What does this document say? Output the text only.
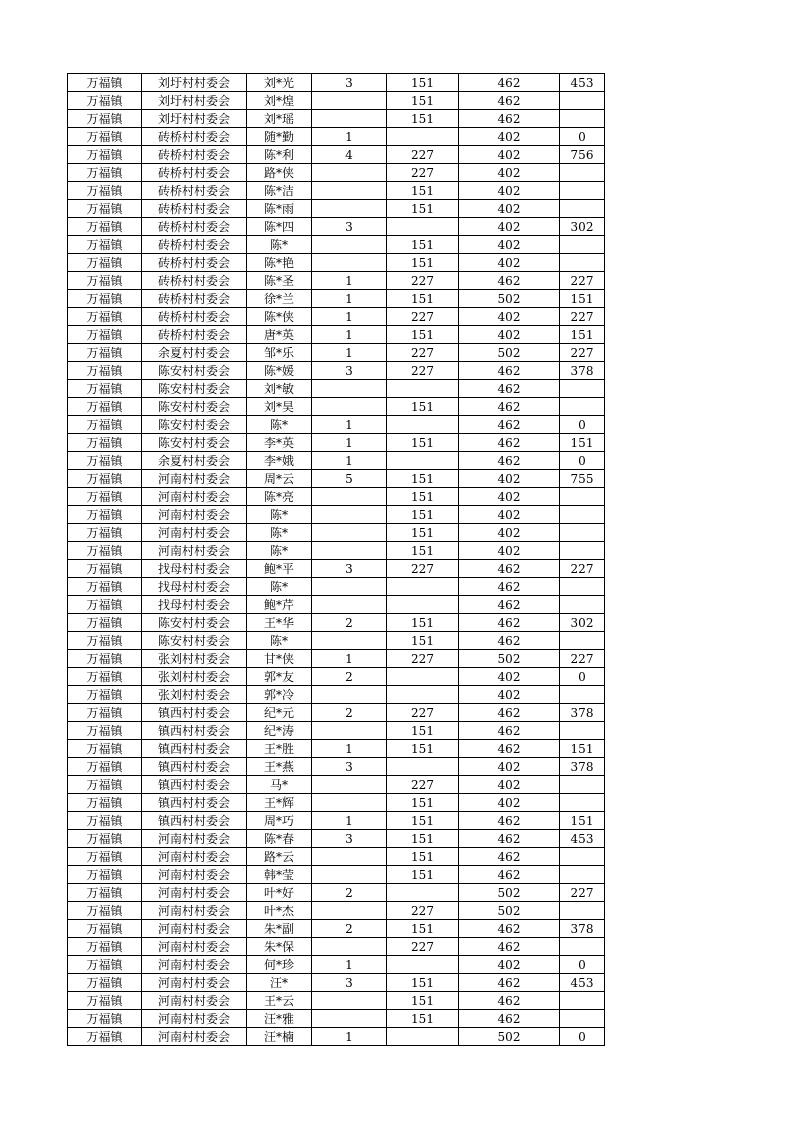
万福镇	刘圩村村委会	刘*光	3	151	462	453
万福镇	刘圩村村委会	刘*煌		151	462	
万福镇	刘圩村村委会	刘*瑶		151	462	
万福镇	砖桥村村委会	随*勤	1		402	0
万福镇	砖桥村村委会	陈*利	4	227	402	756
万福镇	砖桥村村委会	路*侠		227	402	
万福镇	砖桥村村委会	陈*洁		151	402	
万福镇	砖桥村村委会	陈*雨		151	402	
万福镇	砖桥村村委会	陈*四	3		402	302
万福镇	砖桥村村委会	陈*		151	402	
万福镇	砖桥村村委会	陈*艳		151	402	
万福镇	砖桥村村委会	陈*圣	1	227	462	227
万福镇	砖桥村村委会	徐*兰	1	151	502	151
万福镇	砖桥村村委会	陈*侠	1	227	402	227
万福镇	砖桥村村委会	唐*英	1	151	402	151
万福镇	余夏村村委会	邹*乐	1	227	502	227
万福镇	陈安村村委会	陈*媛	3	227	462	378
万福镇	陈安村村委会	刘*敏			462	
万福镇	陈安村村委会	刘*昊		151	462	
万福镇	陈安村村委会	陈*	1		462	0
万福镇	陈安村村委会	李*英	1	151	462	151
万福镇	余夏村村委会	李*娥	1		462	0
万福镇	河南村村委会	周*云	5	151	402	755
万福镇	河南村村委会	陈*亮		151	402	
万福镇	河南村村委会	陈*		151	402	
万福镇	河南村村委会	陈*		151	402	
万福镇	河南村村委会	陈*		151	402	
万福镇	找母村村委会	鲍*平	3	227	462	227
万福镇	找母村村委会	陈*			462	
万福镇	找母村村委会	鲍*芹			462	
万福镇	陈安村村委会	王*华	2	151	462	302
万福镇	陈安村村委会	陈*		151	462	
万福镇	张刘村村委会	甘*侠	1	227	502	227
万福镇	张刘村村委会	郭*友	2		402	0
万福镇	张刘村村委会	郭*冷			402	
万福镇	镇西村村委会	纪*元	2	227	462	378
万福镇	镇西村村委会	纪*涛		151	462	
万福镇	镇西村村委会	王*胜	1	151	462	151
万福镇	镇西村村委会	王*燕	3		402	378
万福镇	镇西村村委会	马*		227	402	
万福镇	镇西村村委会	王*辉		151	402	
万福镇	镇西村村委会	周*巧	1	151	462	151
万福镇	河南村村委会	陈*春	3	151	462	453
万福镇	河南村村委会	路*云		151	462	
万福镇	河南村村委会	韩*莹		151	462	
万福镇	河南村村委会	叶*好	2		502	227
万福镇	河南村村委会	叶*杰		227	502	
万福镇	河南村村委会	朱*副	2	151	462	378
万福镇	河南村村委会	朱*保		227	462	
万福镇	河南村村委会	何*珍	1		402	0
万福镇	河南村村委会	汪*	3	151	462	453
万福镇	河南村村委会	王*云		151	462	
万福镇	河南村村委会	汪*雅		151	462	
万福镇	河南村村委会	汪*楠	1		502	0
